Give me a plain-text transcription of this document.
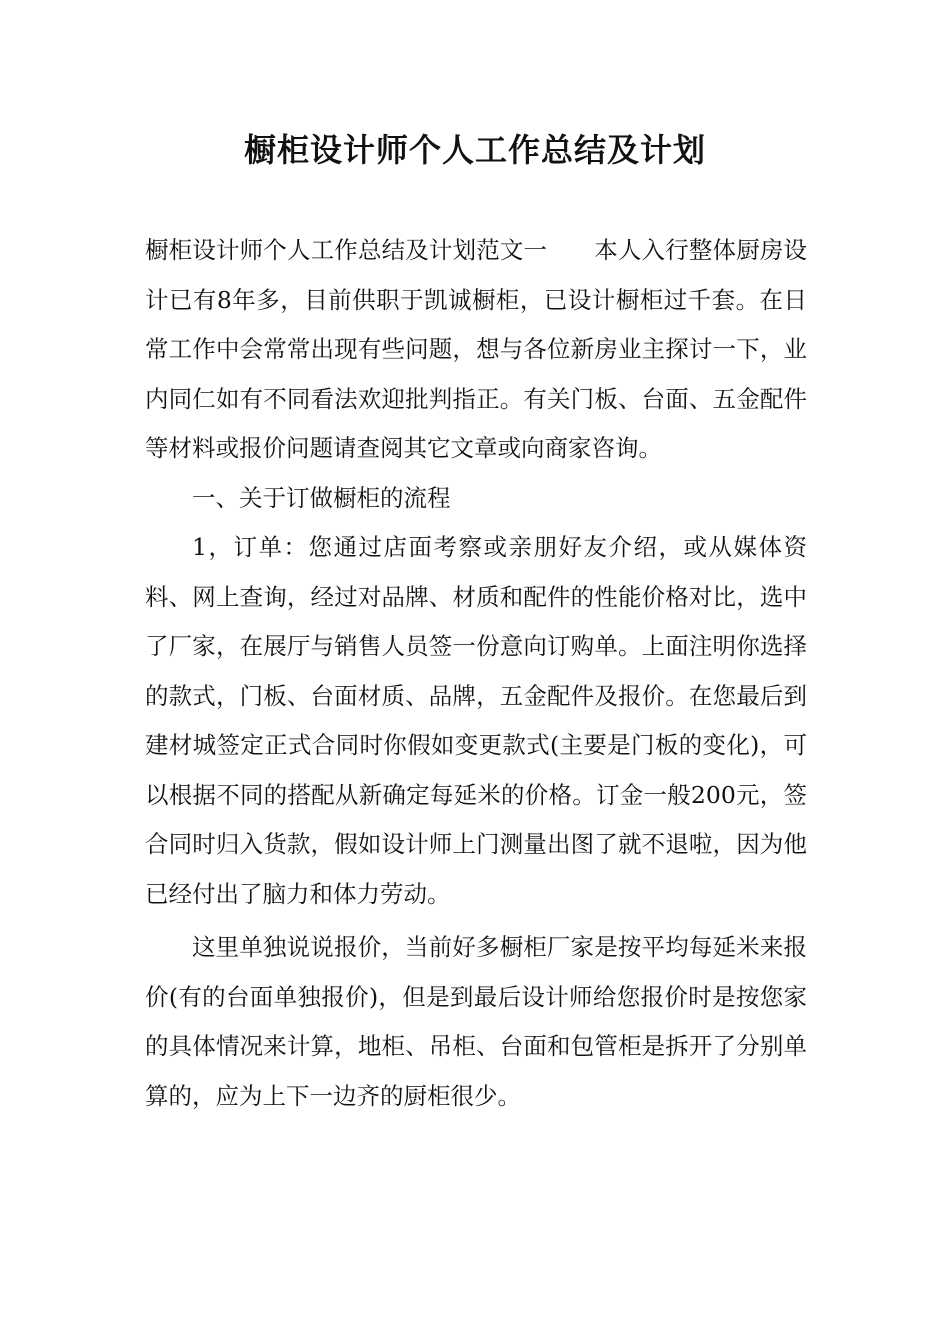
橱柜设计师个人工作总结及计划

橱柜设计师个人工作总结及计划范文一 本人入行整体厨房设计已有8年多，目前供职于凯诚橱柜，已设计橱柜过千套。在日常工作中会常常出现有些问题，想与各位新房业主探讨一下，业内同仁如有不同看法欢迎批判指正。有关门板、台面、五金配件等材料或报价问题请查阅其它文章或向商家咨询。

一、关于订做橱柜的流程

1，订单：您通过店面考察或亲朋好友介绍，或从媒体资料、网上查询，经过对品牌、材质和配件的性能价格对比，选中了厂家，在展厅与销售人员签一份意向订购单。上面注明你选择的款式，门板、台面材质、品牌，五金配件及报价。在您最后到建材城签定正式合同时你假如变更款式(主要是门板的变化)，可以根据不同的搭配从新确定每延米的价格。订金一般200元，签合同时归入货款，假如设计师上门测量出图了就不退啦，因为他已经付出了脑力和体力劳动。

这里单独说说报价，当前好多橱柜厂家是按平均每延米来报价(有的台面单独报价)，但是到最后设计师给您报价时是按您家的具体情况来计算，地柜、吊柜、台面和包管柜是拆开了分别单算的，应为上下一边齐的厨柜很少。
